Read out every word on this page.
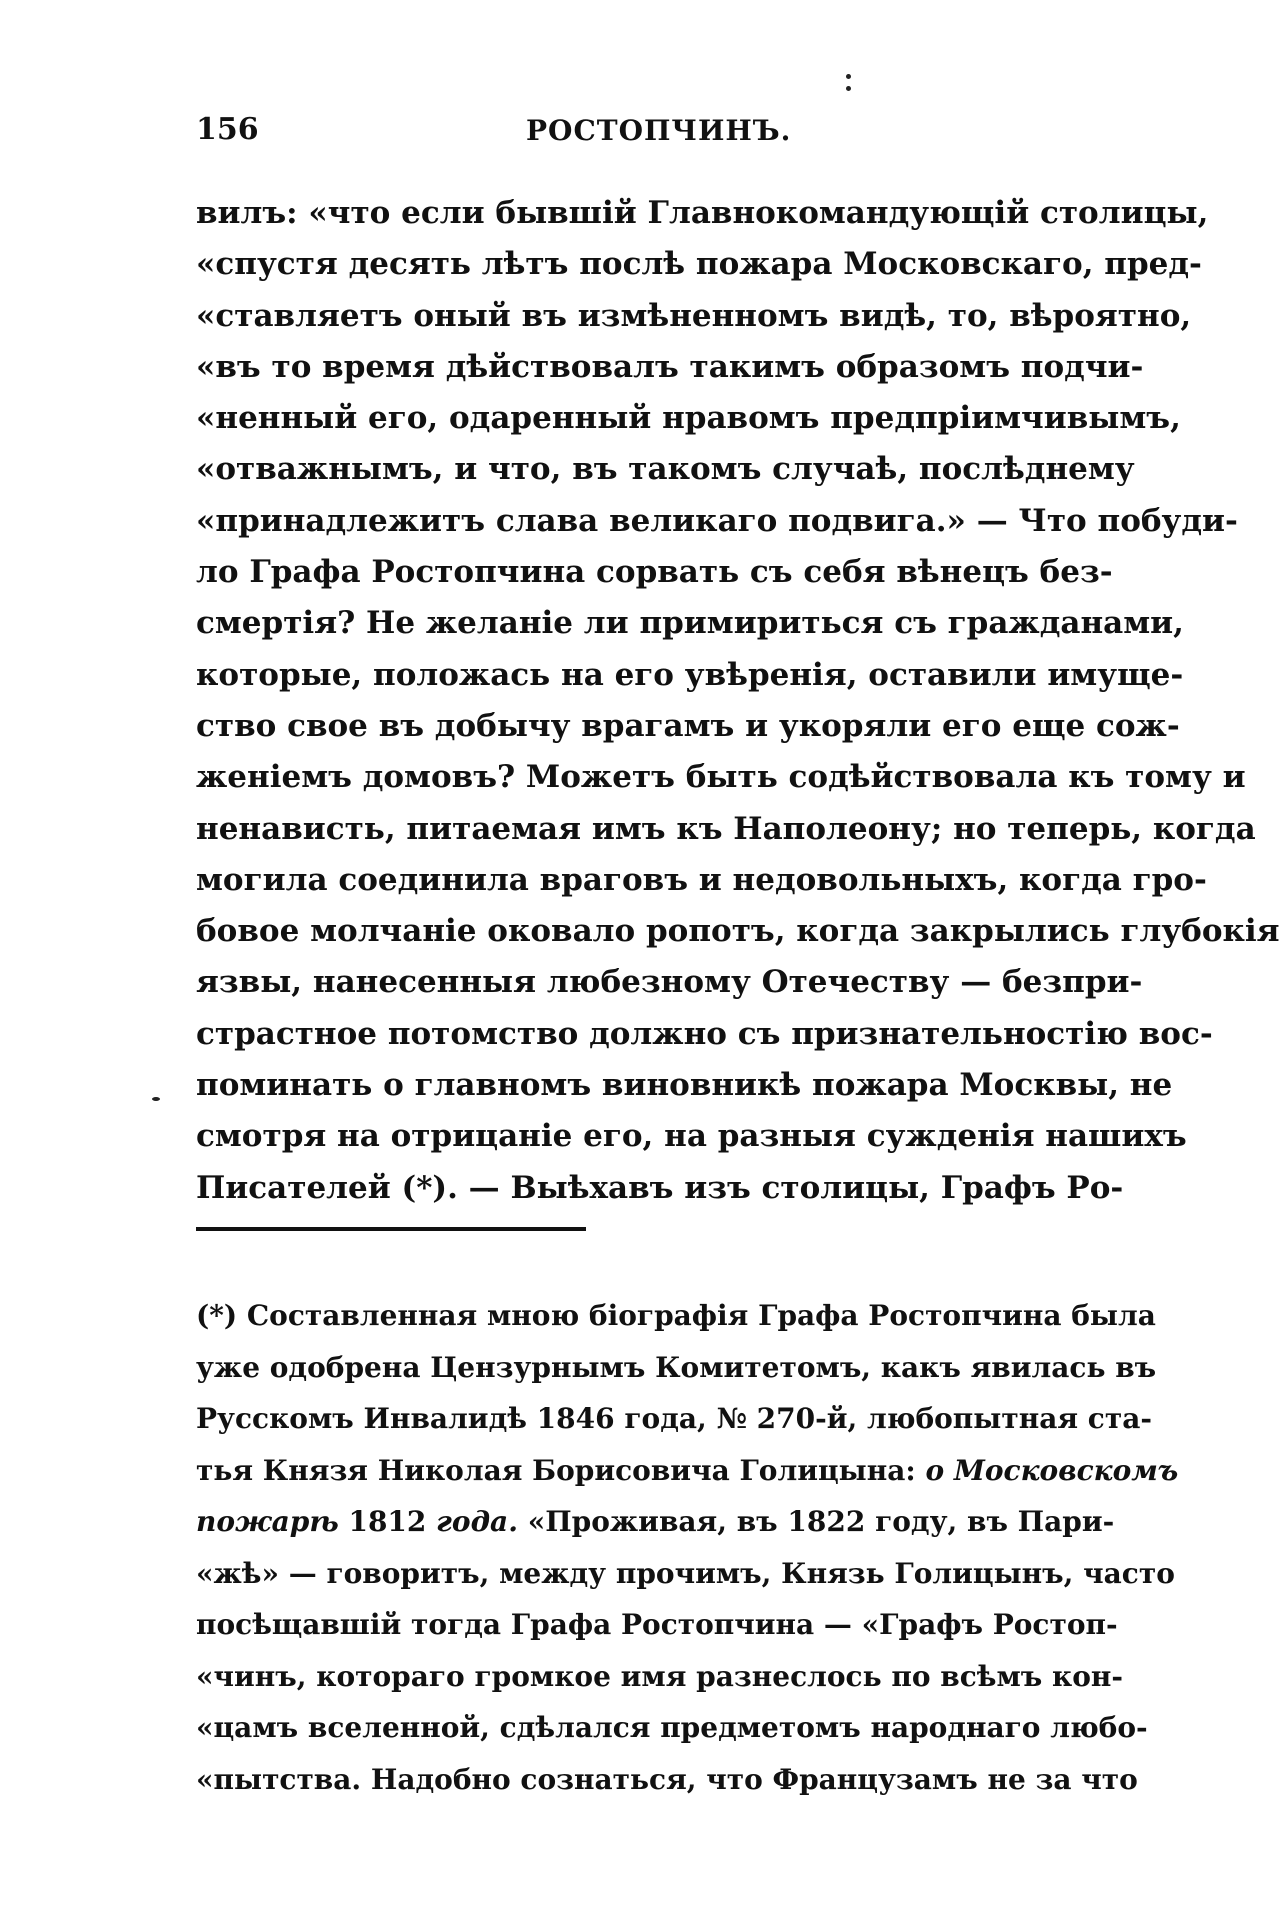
156	РОСТОПЧИНЪ.
вилъ: «что если бывшій Главнокомандующій столицы,
«спустя десять лѣтъ послѣ пожара Московскаго, пред-
«ставляетъ оный въ измѣненномъ видѣ, то, вѣроятно,
«въ то время дѣйствовалъ такимъ образомъ подчи-
«ненный его, одаренный нравомъ предпріимчивымъ,
«отважнымъ, и что, въ такомъ случаѣ, послѣднему
«принадлежитъ слава великаго подвига.» — Что побуди-
ло Графа Ростопчина сорвать съ себя вѣнецъ без-
смертія? Не желаніе ли примириться съ гражданами,
которые, положась на его увѣренія, оставили имуще-
ство свое въ добычу врагамъ и укоряли его еще сож-
женіемъ домовъ? Можетъ быть содѣйствовала къ тому и
ненависть, питаемая имъ къ Наполеону; но теперь, когда
могила соединила враговъ и недовольныхъ, когда гро-
бовое молчаніе оковало ропотъ, когда закрылись глубокія
язвы, нанесенныя любезному Отечеству — безпри-
страстное потомство должно съ признательностію вос-
поминать о главномъ виновникѣ пожара Москвы, не
смотря на отрицаніе его, на разныя сужденія нашихъ
Писателей (*). — Выѣхавъ изъ столицы, Графъ Ро-
(*) Составленная мною біографія Графа Ростопчина была
уже одобрена Цензурнымъ Комитетомъ, какъ явилась въ
Русскомъ Инвалидѣ 1846 года, № 270-й, любопытная ста-
тья Князя Николая Борисовича Голицына: о Московскомъ
пожарѣ 1812 года. «Проживая, въ 1822 году, въ Пари-
«жѣ» — говоритъ, между прочимъ, Князь Голицынъ, часто
посѣщавшій тогда Графа Ростопчина — «Графъ Ростоп-
«чинъ, котораго громкое имя разнеслось по всѣмъ кон-
«цамъ вселенной, сдѣлался предметомъ народнаго любо-
«пытства. Надобно сознаться, что Французамъ не за что
